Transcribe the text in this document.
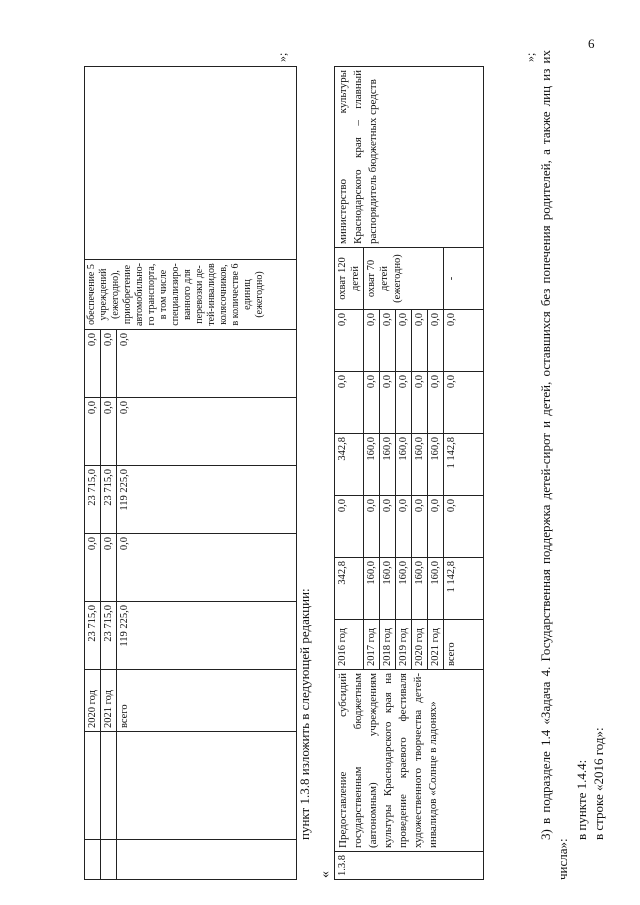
6
		2020 год	23 715,0	0,0	23 715,0	0,0	0,0	обеспечение 5 учреждений (ежегодно), приобретение автомобильно-го транспорта, в том числе специализиро-ванного для перевозки де-тей-инвалидов колясочников, в количестве 6 единиц (ежегодно)	
		2021 год	23 715,0	0,0	23 715,0	0,0	0,0		
		всего	119 225,0	0,0	119 225,0	0,0	0,0		
»;
пункт 1.3.8 изложить в следующей редакции:
« 1.3.8	Предоставление субсидий государственным бюджетным (автономным) учреждениям культуры Краснодарского края на проведение краевого фестиваля художественного творчества детей-инвалидов «Солнце в ладонях»	2016 год	342,8	0,0	342,8	0,0	0,0	охват 120 детей	министерство культуры Краснодарского края – главный распорядитель бюджетных средств
		2017 год	160,0	0,0	160,0	0,0	0,0	охват 70 детей (ежегодно)	
		2018 год	160,0	0,0	160,0	0,0	0,0		
		2019 год	160,0	0,0	160,0	0,0	0,0		
		2020 год	160,0	0,0	160,0	0,0	0,0		
		2021 год	160,0	0,0	160,0	0,0	0,0		
		всего	1 142,8	0,0	1 142,8	0,0	0,0	-	
»; 3) в подразделе 1.4 «Задача 4. Государственная поддержка детей-сирот и детей, оставшихся без попечения родителей, а также лиц из их числа»:
в пункте 1.4.4: в строке «2016 год»:
